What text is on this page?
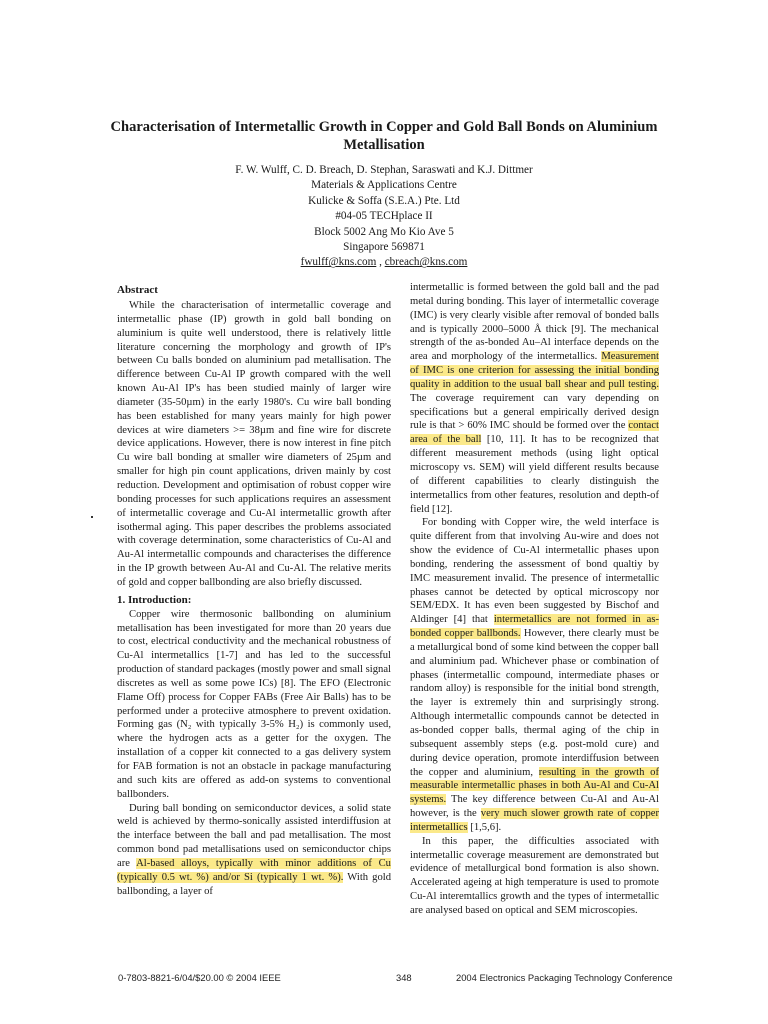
Characterisation of Intermetallic Growth in Copper and Gold Ball Bonds on Aluminium Metallisation
F. W. Wulff, C. D. Breach, D. Stephan, Saraswati and K.J. Dittmer
Materials & Applications Centre
Kulicke & Soffa (S.E.A.) Pte. Ltd
#04-05 TECHplace II
Block 5002 Ang Mo Kio Ave 5
Singapore 569871
fwulff@kns.com , cbreach@kns.com
Abstract

While the characterisation of intermetallic coverage and intermetallic phase (IP) growth in gold ball bonding on aluminium is quite well understood, there is relatively little literature concerning the morphology and growth of IP's between Cu balls bonded on aluminium pad metallisation. The difference between Cu-Al IP growth compared with the well known Au-Al IP's has been studied mainly of larger wire diameter (35-50µm) in the early 1980's. Cu wire ball bonding has been established for many years mainly for high power devices at wire diameters >= 38µm and fine wire for discrete device applications. However, there is now interest in fine pitch Cu wire ball bonding at smaller wire diameters of 25µm and smaller for high pin count applications, driven mainly by cost reduction. Development and optimisation of robust copper wire bonding processes for such applications requires an assessment of intermetallic coverage and Cu-Al intermetallic growth after isothermal aging. This paper describes the problems associated with coverage determination, some characteristics of Cu-Al and Au-Al intermetallic compounds and characterises the difference in the IP growth between Au-Al and Cu-Al. The relative merits of gold and copper ballbonding are also briefly discussed.

1. Introduction:

Copper wire thermosonic ballbonding on aluminium metallisation has been investigated for more than 20 years due to cost, electrical conductivity and the mechanical robustness of Cu-Al intermetallics [1-7] and has led to the successful production of standard packages (mostly power and small signal discretes as well as some powe ICs) [8]. The EFO (Electronic Flame Off) process for Copper FABs (Free Air Balls) has to be performed under a proteciive atmosphere to prevent oxidation. Forming gas (N₂ with typically 3-5% H₂) is commonly used, where the hydrogen acts as a getter for the oxygen. The installation of a copper kit connected to a gas delivery system for FAB formation is not an obstacle in package manufacturing and such kits are offered as add-on systems to conventional ballbonders.

During ball bonding on semiconductor devices, a solid state weld is achieved by thermo-sonically assisted interdiffusion at the interface between the ball and pad metallisation. The most common bond pad metallisations used on semiconductor chips are Al-based alloys, typically with minor additions of Cu (typically 0.5 wt. %) and/or Si (typically 1 wt. %). With gold ballbonding, a layer of

intermetallic is formed between the gold ball and the pad metal during bonding. This layer of intermetallic coverage (IMC) is very clearly visible after removal of bonded balls and is typically 2000–5000 Å thick [9]. The mechanical strength of the as-bonded Au–Al interface depends on the area and morphology of the intermetallics. Measurement of IMC is one criterion for assessing the initial bonding quality in addition to the usual ball shear and pull testing. The coverage requirement can vary depending on specifications but a general empirically derived design rule is that > 60% IMC should be formed over the contact area of the ball [10, 11]. It has to be recognized that different measurement methods (using light optical microscopy vs. SEM) will yield different results because of different capabilities to clearly distinguish the intermetallics from other features, resolution and depth-of field [12].

For bonding with Copper wire, the weld interface is quite different from that involving Au-wire and does not show the evidence of Cu-Al intermetallic phases upon bonding, rendering the assessment of bond qualtiy by IMC measurement invalid. The presence of intermetallic phases cannot be detected by optical microscopy nor SEM/EDX. It has even been suggested by Bischof and Aldinger [4] that intermetallics are not formed in as-bonded copper ballbonds. However, there clearly must be a metallurgical bond of some kind between the copper ball and aluminium pad. Whichever phase or combination of phases (intermetallic compound, intermediate phases or random alloy) is responsible for the initial bond strength, the layer is extremely thin and surprisingly strong. Although intermetallic compounds cannot be detected in as-bonded copper balls, thermal aging of the chip in subsequent assembly steps (e.g. post-mold cure) and during device operation, promote interdiffusion between the copper and aluminium, resulting in the growth of measurable intermetallic phases in both Au-Al and Cu-Al systems. The key difference between Cu-Al and Au-Al however, is the very much slower growth rate of copper intermetallics [1,5,6].

In this paper, the difficulties associated with intermetallic coverage measurement are demonstrated but evidence of metallurgical bond formation is also shown. Accelerated ageing at high temperature is used to promote Cu-Al interemtallics growth and the types of intermetallic are analysed based on optical and SEM microscopies.

0-7803-8821-6/04/$20.00 © 2004 IEEE	348	2004 Electronics Packaging Technology Conference
